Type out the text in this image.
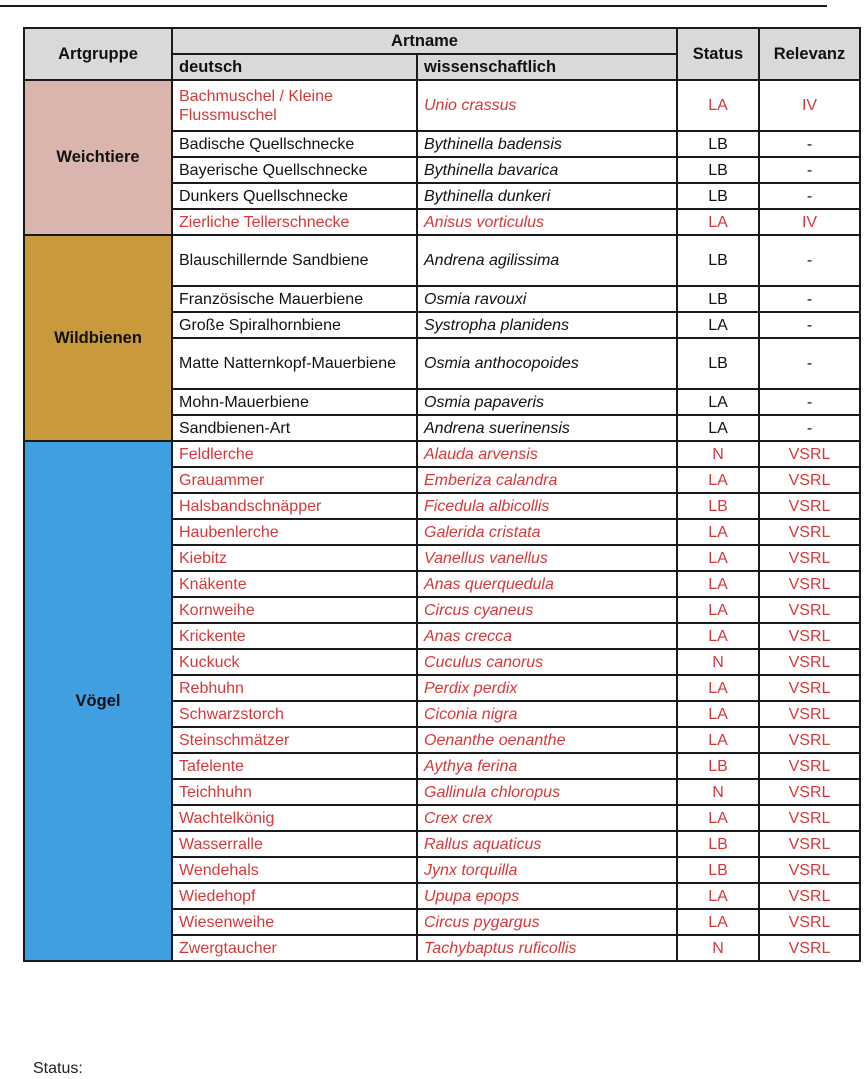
Artgruppe	Artname		Status	Relevanz
	deutsch	wissenschaftlich		
Weichtiere	Bachmuschel / Kleine Flussmuschel	Unio crassus	LA	IV
	Badische Quellschnecke	Bythinella badensis	LB	-
	Bayerische Quellschnecke	Bythinella bavarica	LB	-
	Dunkers Quellschnecke	Bythinella dunkeri	LB	-
	Zierliche Tellerschnecke	Anisus vorticulus	LA	IV
Wildbienen	Blauschillernde Sandbiene	Andrena agilissima	LB	-
	Französische Mauerbiene	Osmia ravouxi	LB	-
	Große Spiralhornbiene	Systropha planidens	LA	-
	Matte Natternkopf-Mauerbiene	Osmia anthocopoides	LB	-
	Mohn-Mauerbiene	Osmia papaveris	LA	-
	Sandbienen-Art	Andrena suerinensis	LA	-
Vögel	Feldlerche	Alauda arvensis	N	VSRL
	Grauammer	Emberiza calandra	LA	VSRL
	Halsbandschnäpper	Ficedula albicollis	LB	VSRL
	Haubenlerche	Galerida cristata	LA	VSRL
	Kiebitz	Vanellus vanellus	LA	VSRL
	Knäkente	Anas querquedula	LA	VSRL
	Kornweihe	Circus cyaneus	LA	VSRL
	Krickente	Anas crecca	LA	VSRL
	Kuckuck	Cuculus canorus	N	VSRL
	Rebhuhn	Perdix perdix	LA	VSRL
	Schwarzstorch	Ciconia nigra	LA	VSRL
	Steinschmätzer	Oenanthe oenanthe	LA	VSRL
	Tafelente	Aythya ferina	LB	VSRL
	Teichhuhn	Gallinula chloropus	N	VSRL
	Wachtelkönig	Crex crex	LA	VSRL
	Wasserralle	Rallus aquaticus	LB	VSRL
	Wendehals	Jynx torquilla	LB	VSRL
	Wiedehopf	Upupa epops	LA	VSRL
	Wiesenweihe	Circus pygargus	LA	VSRL
	Zwergtaucher	Tachybaptus ruficollis	N	VSRL
Status:
